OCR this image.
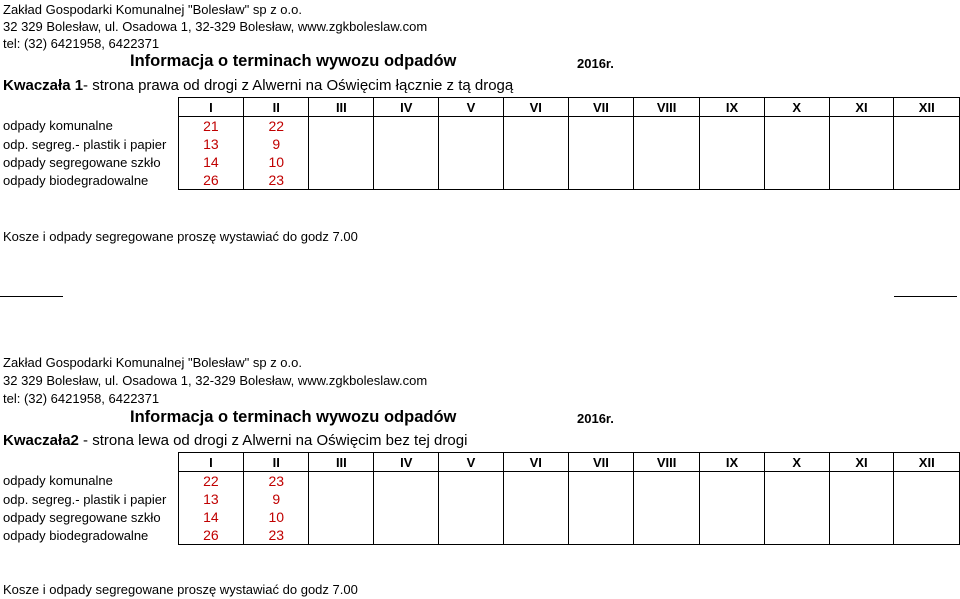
Zakład Gospodarki Komunalnej "Bolesław" sp z o.o.
32 329 Bolesław, ul. Osadowa 1, 32-329 Bolesław, www.zgkboleslaw.com
tel: (32) 6421958, 6422371
Informacja o terminach wywozu odpadów	2016r.
Kwaczała 1- strona prawa od drogi z Alwerni na Oświęcim łącznie z tą drogą
	I	II	III	IV	V	VI	VII	VIII	IX	X	XI	XII
odpady komunalne	21	22										
odp. segreg.- plastik i papier	13	9										
odpady segregowane szkło	14	10										
odpady biodegradowalne	26	23										
Kosze i odpady segregowane proszę wystawiać do godz 7.00
Zakład Gospodarki Komunalnej "Bolesław" sp z o.o.
32 329 Bolesław, ul. Osadowa 1, 32-329 Bolesław, www.zgkboleslaw.com
tel: (32) 6421958, 6422371
Informacja o terminach wywozu odpadów	2016r.
Kwaczała2 - strona lewa od drogi z Alwerni na Oświęcim bez tej drogi
	I	II	III	IV	V	VI	VII	VIII	IX	X	XI	XII
odpady komunalne	22	23										
odp. segreg.- plastik i papier	13	9										
odpady segregowane szkło	14	10										
odpady biodegradowalne	26	23										
Kosze i odpady segregowane proszę wystawiać do godz 7.00
